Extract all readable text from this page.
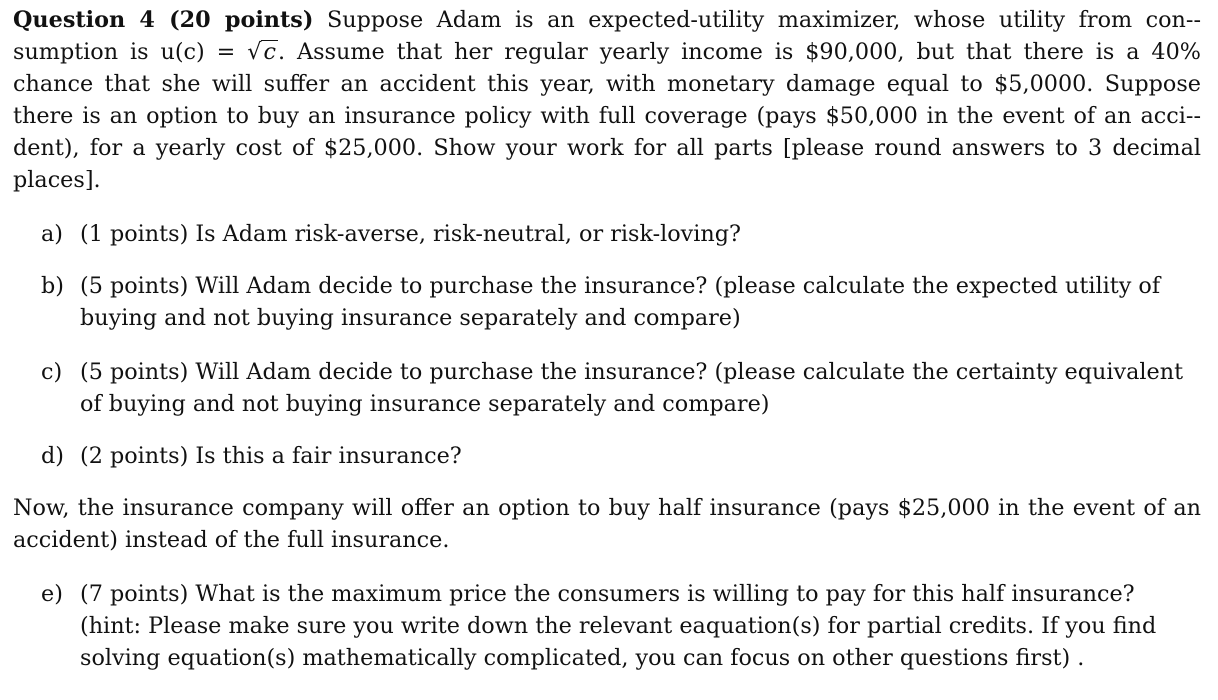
Question 4 (20 points) Suppose Adam is an expected-utility maximizer, whose utility from con-sumption is u(c) = √c. Assume that her regular yearly income is $90,000, but that there is a 40% chance that she will suffer an accident this year, with monetary damage equal to $5,0000. Suppose there is an option to buy an insurance policy with full coverage (pays $50,000 in the event of an acci-dent), for a yearly cost of $25,000. Show your work for all parts [please round answers to 3 decimal places].

a) (1 points) Is Adam risk-averse, risk-neutral, or risk-loving?
b) (5 points) Will Adam decide to purchase the insurance? (please calculate the expected utility of buying and not buying insurance separately and compare)
c) (5 points) Will Adam decide to purchase the insurance? (please calculate the certainty equivalent of buying and not buying insurance separately and compare)
d) (2 points) Is this a fair insurance?

Now, the insurance company will offer an option to buy half insurance (pays $25,000 in the event of an accident) instead of the full insurance.

e) (7 points) What is the maximum price the consumers is willing to pay for this half insurance? (hint: Please make sure you write down the relevant eaquation(s) for partial credits. If you find solving equation(s) mathematically complicated, you can focus on other questions first) .
